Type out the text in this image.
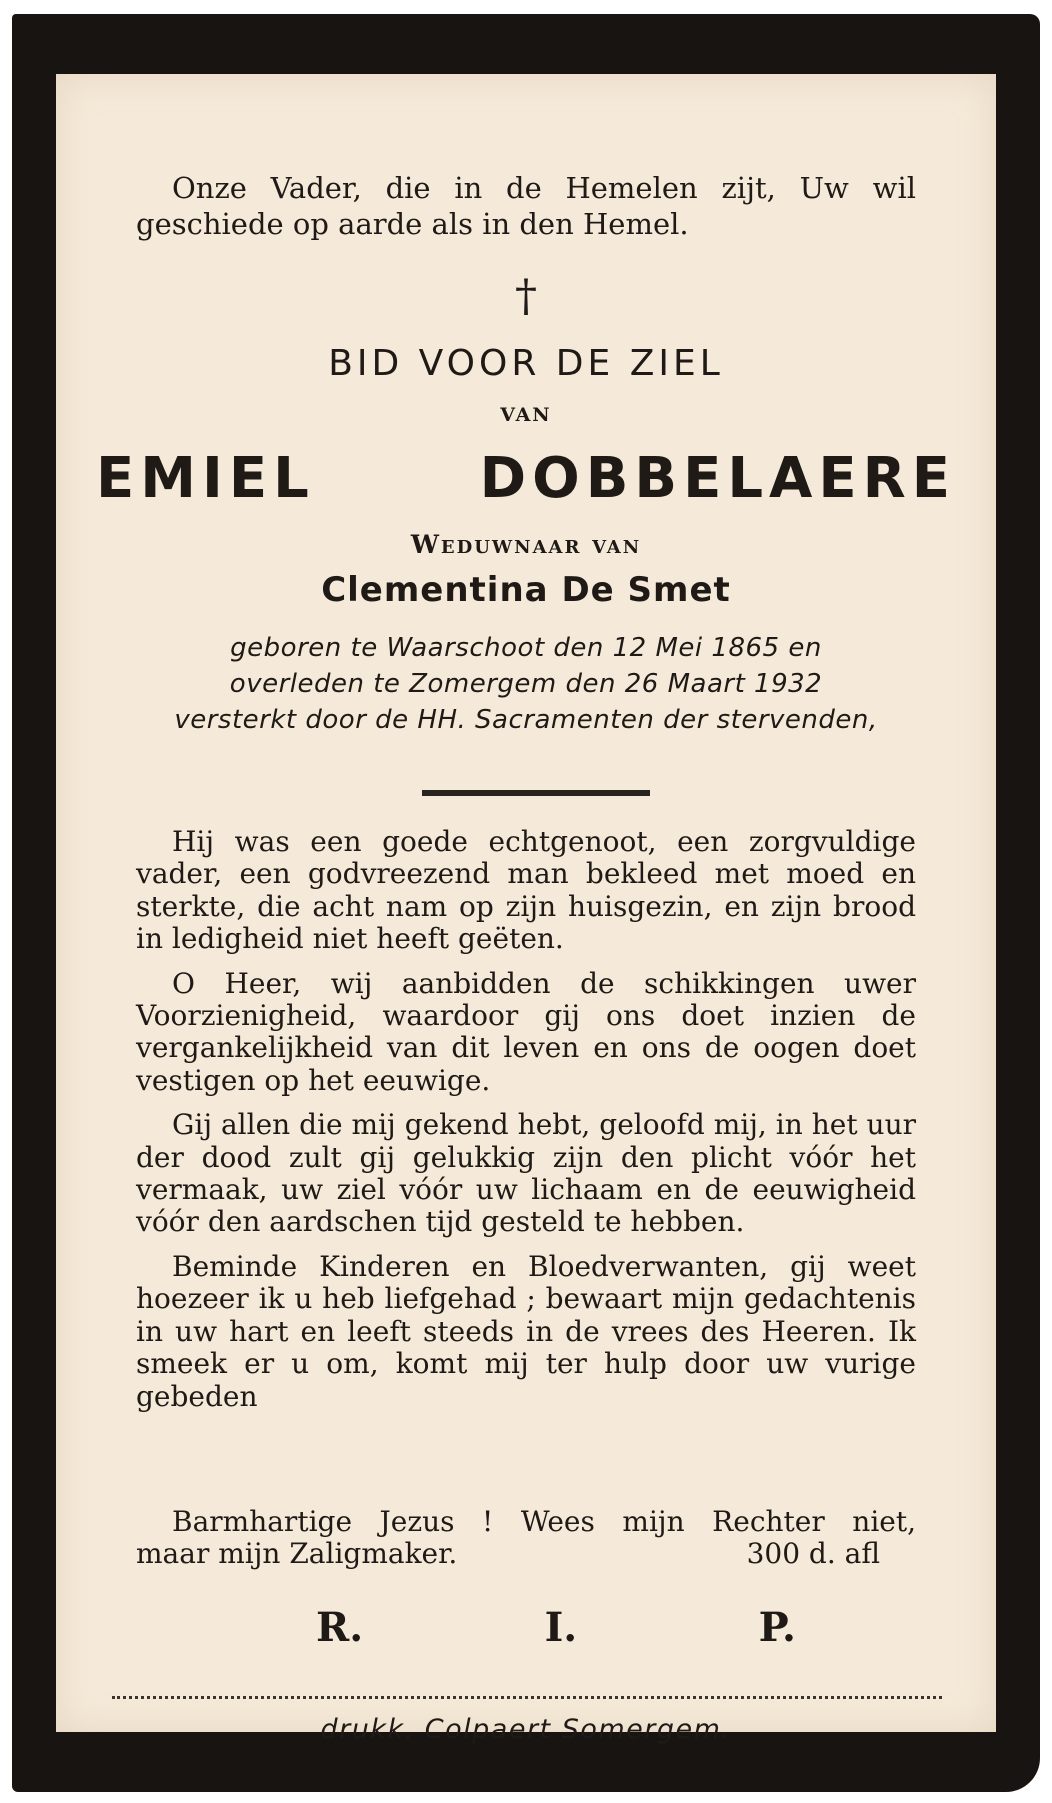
Onze Vader, die in de Hemelen zijt, Uw wil geschiede op aarde als in den Hemel.
†
BID VOOR DE ZIEL
VAN
EMIEL	DOBBELAERE
Weduwnaar van
Clementina De Smet
geboren te Waarschoot den 12 Mei 1865 en
overleden te Zomergem den 26 Maart 1932
versterkt door de HH. Sacramenten der stervenden,

Hij was een goede echtgenoot, een zorgvuldige vader, een godvreezend man bekleed met moed en sterkte, die acht nam op zijn huisgezin, en zijn brood in ledigheid niet heeft geëten.

O Heer, wij aanbidden de schikkingen uwer Voorzienigheid, waardoor gij ons doet inzien de vergankelijkheid van dit leven en ons de oogen doet vestigen op het eeuwige.

Gij allen die mij gekend hebt, geloofd mij, in het uur der dood zult gij gelukkig zijn den plicht vóór het vermaak, uw ziel vóór uw lichaam en de eeuwigheid vóór den aardschen tijd gesteld te hebben.

Beminde Kinderen en Bloedverwanten, gij weet hoezeer ik u heb liefgehad ; bewaart mijn gedachtenis in uw hart en leeft steeds in de vrees des Heeren. Ik smeek er u om, komt mij ter hulp door uw vurige gebeden

Barmhartige Jezus ! Wees mijn Rechter niet,
maar mijn Zaligmaker.	300 d. afl
R.	I.	P.
drukk. Colpaert Somergem.
